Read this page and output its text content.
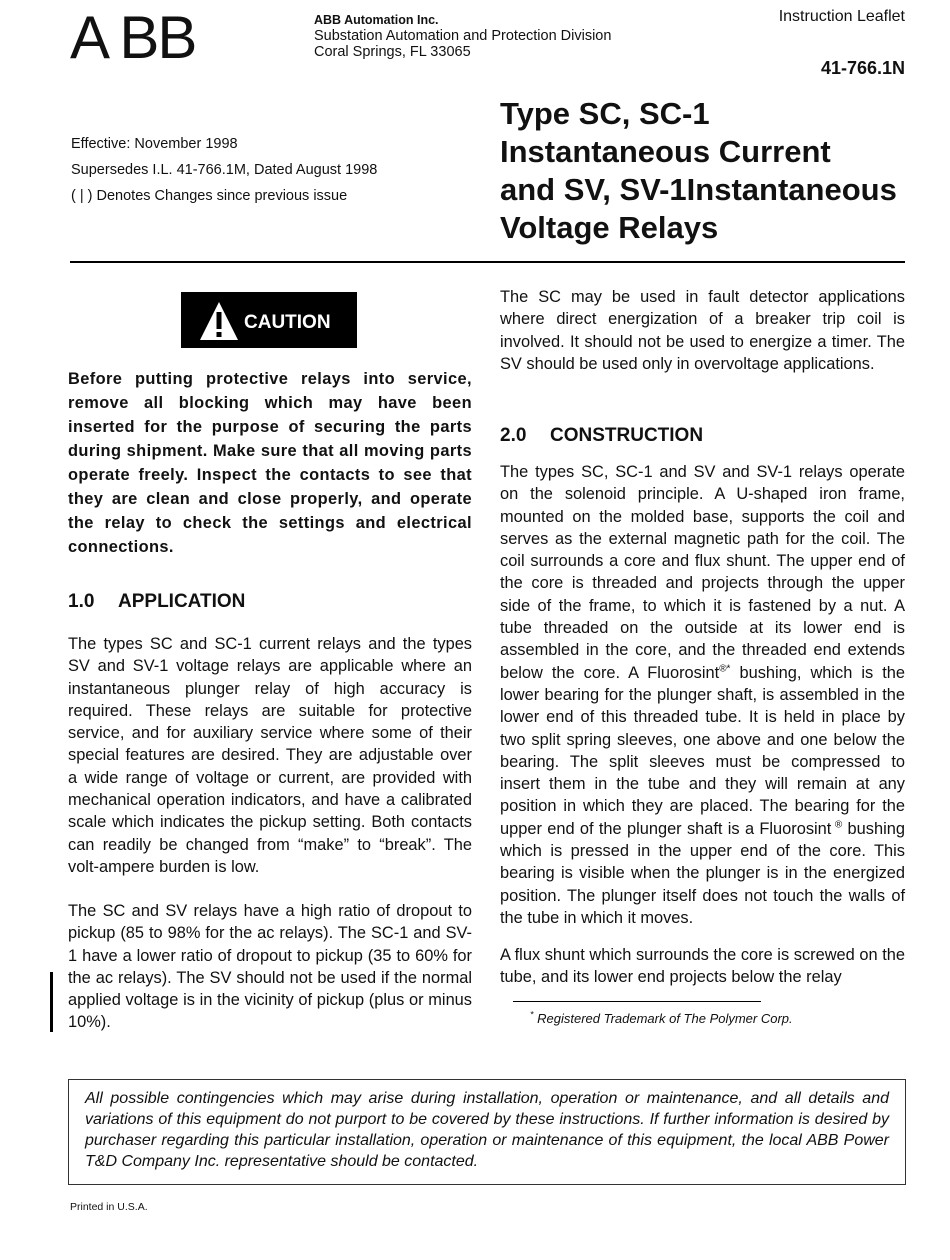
A BB	ABB Automation Inc.
Substation Automation and Protection Division
Coral Springs, FL 33065
Instruction Leaflet
41-766.1N
Effective: November 1998
Supersedes I.L. 41-766.1M, Dated August 1998
( | ) Denotes Changes since previous issue
Type SC, SC-1
Instantaneous Current
and SV, SV-1Instantaneous
Voltage Relays
CAUTION
Before putting protective relays into service, remove all blocking which may have been inserted for the purpose of securing the parts during shipment. Make sure that all moving parts operate freely. Inspect the contacts to see that they are clean and close properly, and operate the relay to check the settings and electrical connections.
1.0 APPLICATION
The types SC and SC-1 current relays and the types SV and SV-1 voltage relays are applicable where an instantaneous plunger relay of high accuracy is required. These relays are suitable for protective service, and for auxiliary service where some of their special features are desired. They are adjustable over a wide range of voltage or current, are provided with mechanical operation indicators, and have a calibrated scale which indicates the pickup setting. Both contacts can readily be changed from “make” to “break”. The volt-ampere burden is low.
The SC and SV relays have a high ratio of dropout to pickup (85 to 98% for the ac relays). The SC-1 and SV-1 have a lower ratio of dropout to pickup (35 to 60% for the ac relays). The SV should not be used if the normal applied voltage is in the vicinity of pickup (plus or minus 10%).
The SC may be used in fault detector applications where direct energization of a breaker trip coil is involved. It should not be used to energize a timer. The SV should be used only in overvoltage applications.
2.0 CONSTRUCTION
The types SC, SC-1 and SV and SV-1 relays operate on the solenoid principle. A U-shaped iron frame, mounted on the molded base, supports the coil and serves as the external magnetic path for the coil. The coil surrounds a core and flux shunt. The upper end of the core is threaded and projects through the upper side of the frame, to which it is fastened by a nut. A tube threaded on the outside at its lower end is assembled in the core, and the threaded end extends below the core. A Fluorosint®* bushing, which is the lower bearing for the plunger shaft, is assembled in the lower end of this threaded tube. It is held in place by two split spring sleeves, one above and one below the bearing. The split sleeves must be compressed to insert them in the tube and they will remain at any position in which they are placed. The bearing for the upper end of the plunger shaft is a Fluorosint ® bushing which is pressed in the upper end of the core. This bearing is visible when the plunger is in the energized position. The plunger itself does not touch the walls of the tube in which it moves.
A flux shunt which surrounds the core is screwed on the tube, and its lower end projects below the relay
* Registered Trademark of The Polymer Corp.
All possible contingencies which may arise during installation, operation or maintenance, and all details and variations of this equipment do not purport to be covered by these instructions. If further information is desired by purchaser regarding this particular installation, operation or maintenance of this equipment, the local ABB Power T&D Company Inc. representative should be contacted.
Printed in U.S.A.
